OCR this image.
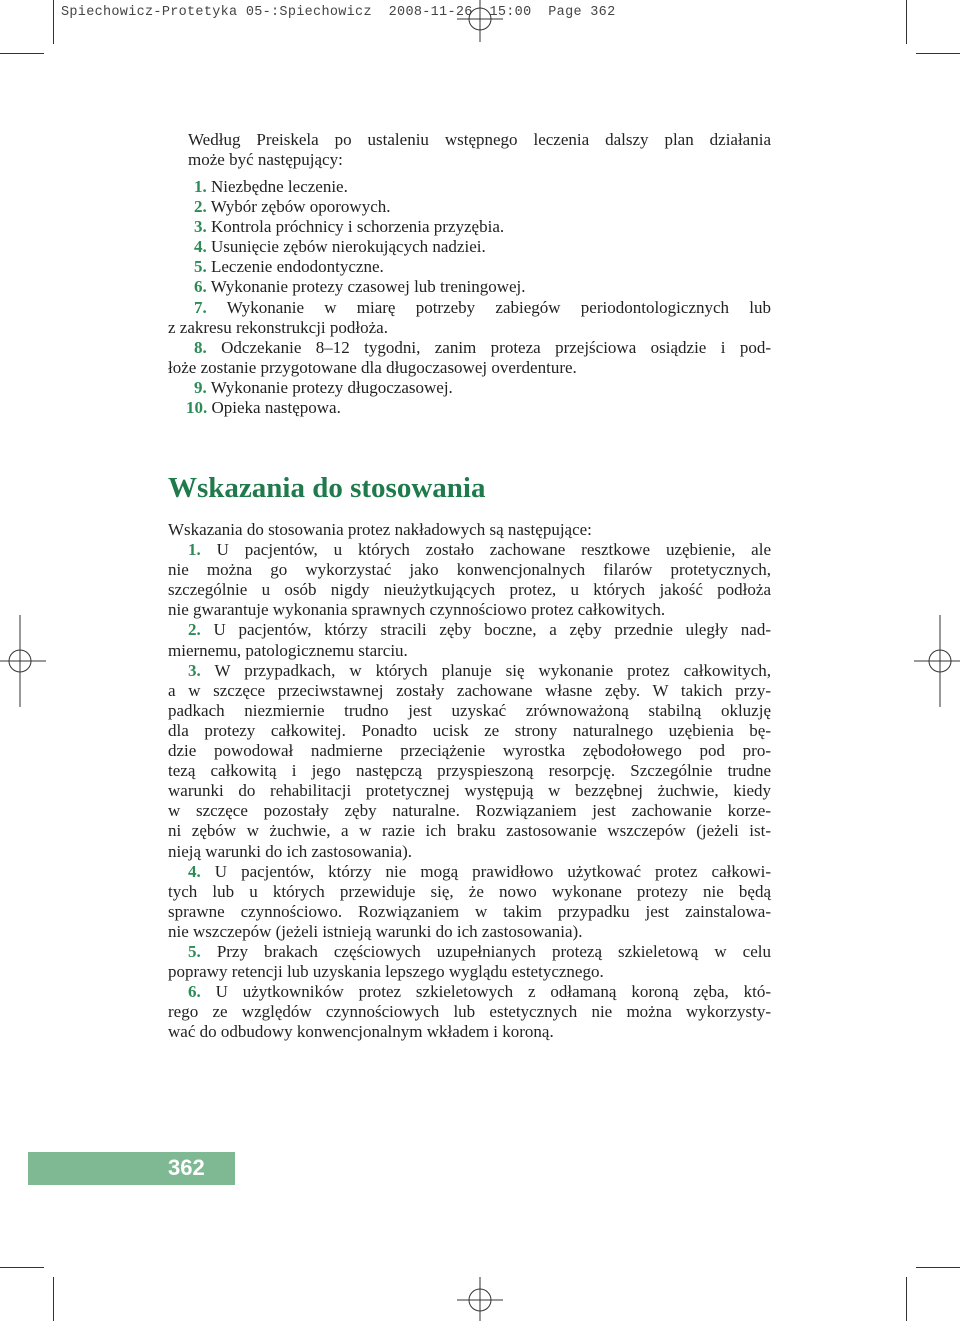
Spiechowicz-Protetyka 05-:Spiechowicz  2008-11-26  15:00  Page 362
Według Preiskela po ustaleniu wstępnego leczenia dalszy plan działania
może być następujący:
1. Niezbędne leczenie.
2. Wybór zębów oporowych.
3. Kontrola próchnicy i schorzenia przyzębia.
4. Usunięcie zębów nierokujących nadziei.
5. Leczenie endodontyczne.
6. Wykonanie protezy czasowej lub treningowej.
7. Wykonanie w miarę potrzeby zabiegów periodontologicznych lub
z zakresu rekonstrukcji podłoża.
8. Odczekanie 8–12 tygodni, zanim proteza przejściowa osiądzie i pod-
łoże zostanie przygotowane dla długoczasowej overdenture.
9. Wykonanie protezy długoczasowej.
10. Opieka następowa.
Wskazania do stosowania
Wskazania do stosowania protez nakładowych są następujące:
1. U pacjentów, u których zostało zachowane resztkowe uzębienie, ale
nie można go wykorzystać jako konwencjonalnych filarów protetycznych,
szczególnie u osób nigdy nieużytkujących protez, u których jakość podłoża
nie gwarantuje wykonania sprawnych czynnościowo protez całkowitych.
2. U pacjentów, którzy stracili zęby boczne, a zęby przednie uległy nad-
miernemu, patologicznemu starciu.
3. W przypadkach, w których planuje się wykonanie protez całkowitych,
a w szczęce przeciwstawnej zostały zachowane własne zęby. W takich przy-
padkach niezmiernie trudno jest uzyskać zrównoważoną stabilną okluzję
dla protezy całkowitej. Ponadto ucisk ze strony naturalnego uzębienia bę-
dzie powodował nadmierne przeciążenie wyrostka zębodołowego pod pro-
tezą całkowitą i jego następczą przyspieszoną resorpcję. Szczególnie trudne
warunki do rehabilitacji protetycznej występują w bezzębnej żuchwie, kiedy
w szczęce pozostały zęby naturalne. Rozwiązaniem jest zachowanie korze-
ni zębów w żuchwie, a w razie ich braku zastosowanie wszczepów (jeżeli ist-
nieją warunki do ich zastosowania).
4. U pacjentów, którzy nie mogą prawidłowo użytkować protez całkowi-
tych lub u których przewiduje się, że nowo wykonane protezy nie będą
sprawne czynnościowo. Rozwiązaniem w takim przypadku jest zainstalowa-
nie wszczepów (jeżeli istnieją warunki do ich zastosowania).
5. Przy brakach częściowych uzupełnianych protezą szkieletową w celu
poprawy retencji lub uzyskania lepszego wyglądu estetycznego.
6. U użytkowników protez szkieletowych z odłamaną koroną zęba, któ-
rego ze względów czynnościowych lub estetycznych nie można wykorzysty-
wać do odbudowy konwencjonalnym wkładem i koroną.
362
